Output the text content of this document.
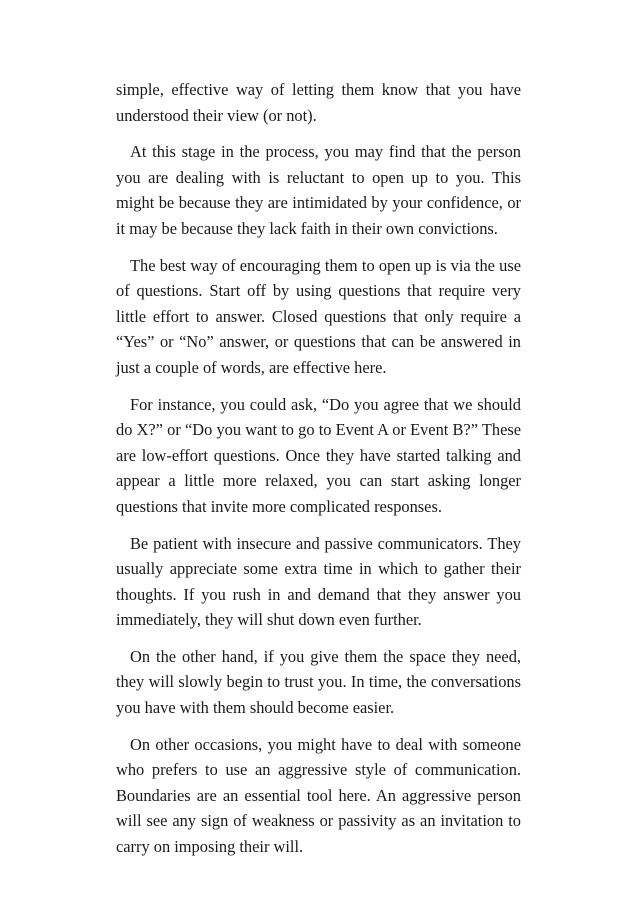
simple, effective way of letting them know that you have understood their view (or not).

At this stage in the process, you may find that the person you are dealing with is reluctant to open up to you. This might be because they are intimidated by your confidence, or it may be because they lack faith in their own convictions.

The best way of encouraging them to open up is via the use of questions. Start off by using questions that require very little effort to answer. Closed questions that only require a “Yes” or “No” answer, or questions that can be answered in just a couple of words, are effective here.

For instance, you could ask, “Do you agree that we should do X?” or “Do you want to go to Event A or Event B?” These are low-effort questions. Once they have started talking and appear a little more relaxed, you can start asking longer questions that invite more complicated responses.

Be patient with insecure and passive communicators. They usually appreciate some extra time in which to gather their thoughts. If you rush in and demand that they answer you immediately, they will shut down even further.

On the other hand, if you give them the space they need, they will slowly begin to trust you. In time, the conversations you have with them should become easier.

On other occasions, you might have to deal with someone who prefers to use an aggressive style of communication. Boundaries are an essential tool here. An aggressive person will see any sign of weakness or passivity as an invitation to carry on imposing their will.
